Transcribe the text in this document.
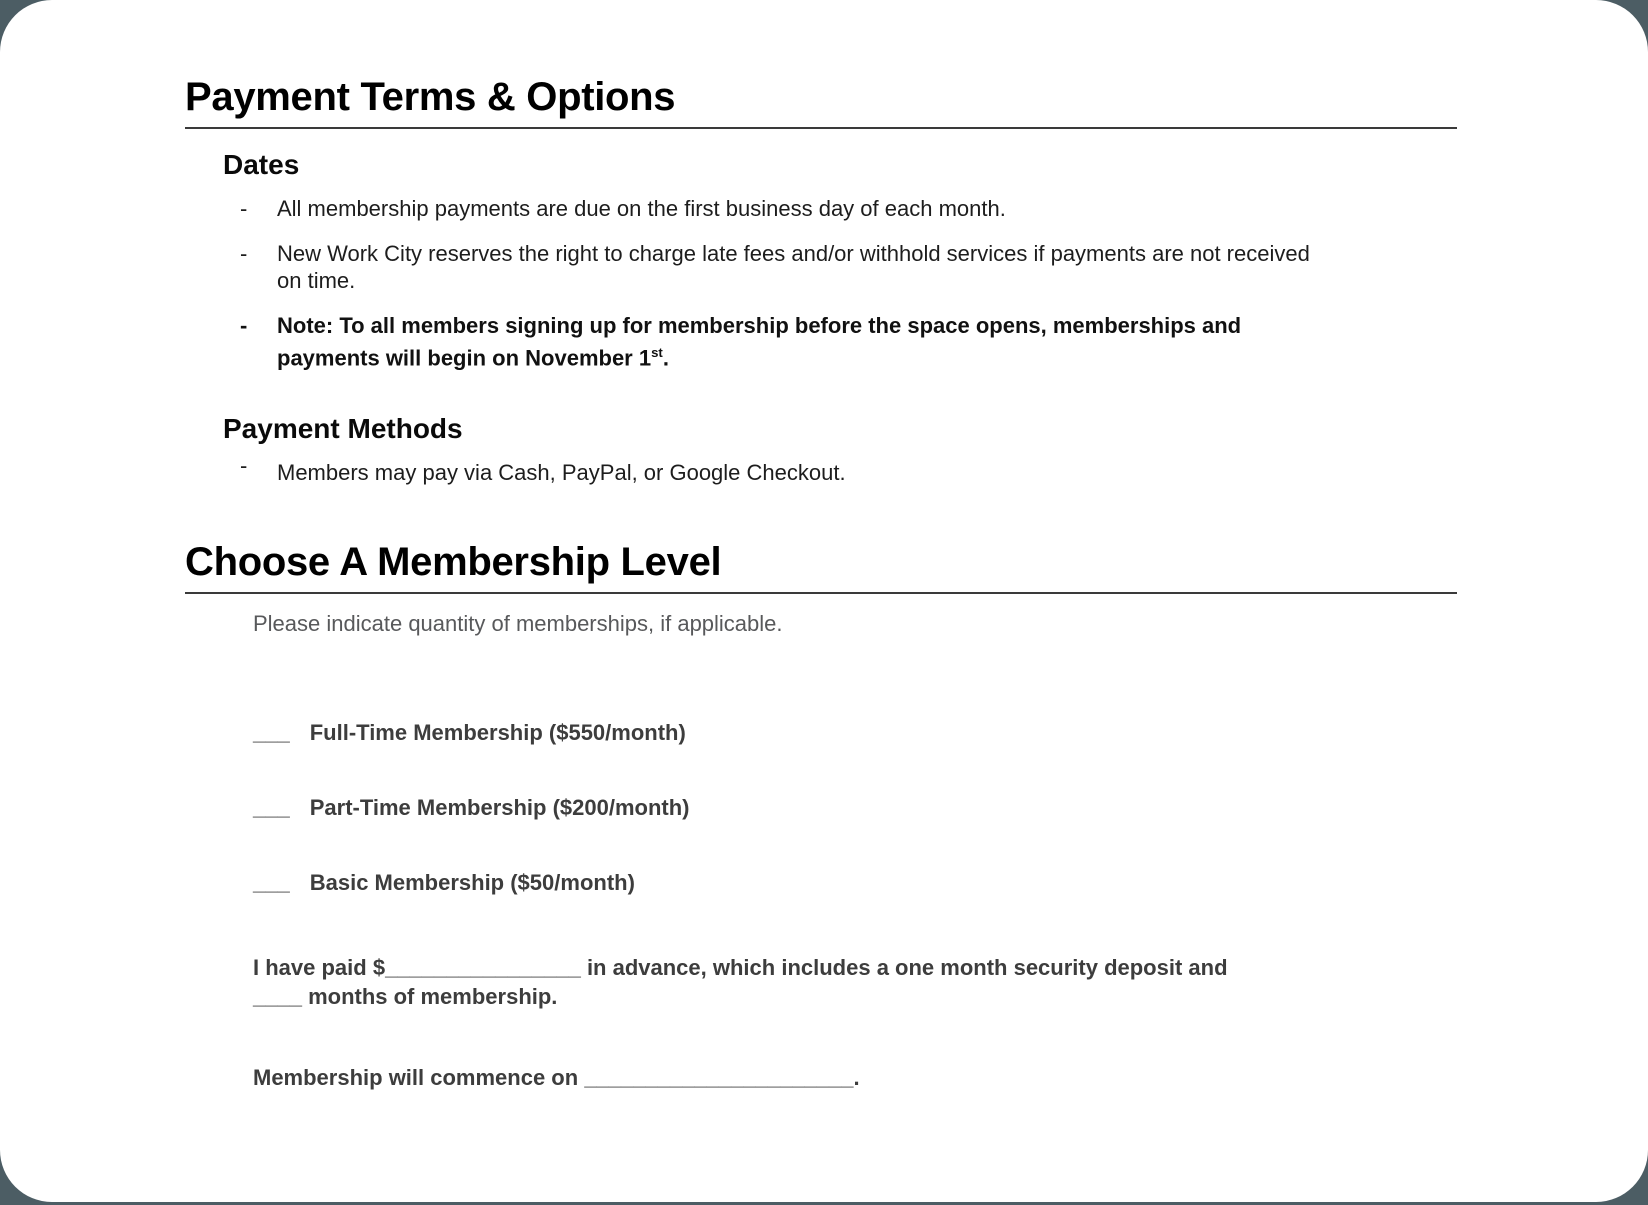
Payment Terms & Options
Dates
-	All membership payments are due on the first business day of each month.
-	New Work City reserves the right to charge late fees and/or withhold services if payments are not received on time.
-	Note: To all members signing up for membership before the space opens, memberships and payments will begin on November 1st.
Payment Methods
-	Members may pay via Cash, PayPal, or Google Checkout.
Choose A Membership Level

Please indicate quantity of memberships, if applicable.

___ Full-Time Membership ($550/month)

___ Part-Time Membership ($200/month)

___ Basic Membership ($50/month)

I have paid $________________ in advance, which includes a one month security deposit and ____ months of membership.

Membership will commence on ______________________.
